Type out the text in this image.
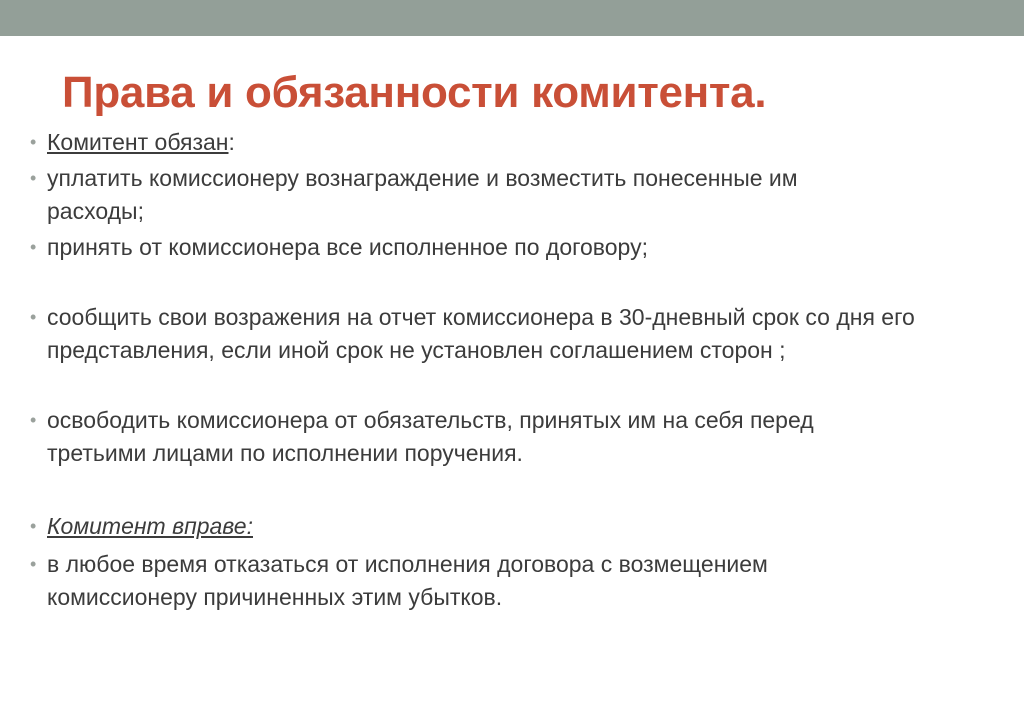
Права и обязанности комитента.
• Комитент обязан:
• уплатить комиссионеру вознаграждение и возместить понесенные им расходы;
• принять от комиссионера все исполненное по договору;
• сообщить свои возражения на отчет комиссионера в 30-дневный срок со дня его представления, если иной срок не установлен соглашением сторон ;
• освободить комиссионера от обязательств, принятых им на себя перед третьими лицами по исполнении поручения.
• Комитент вправе:
• в любое время отказаться от исполнения договора с возмещением комиссионеру причиненных этим убытков.
